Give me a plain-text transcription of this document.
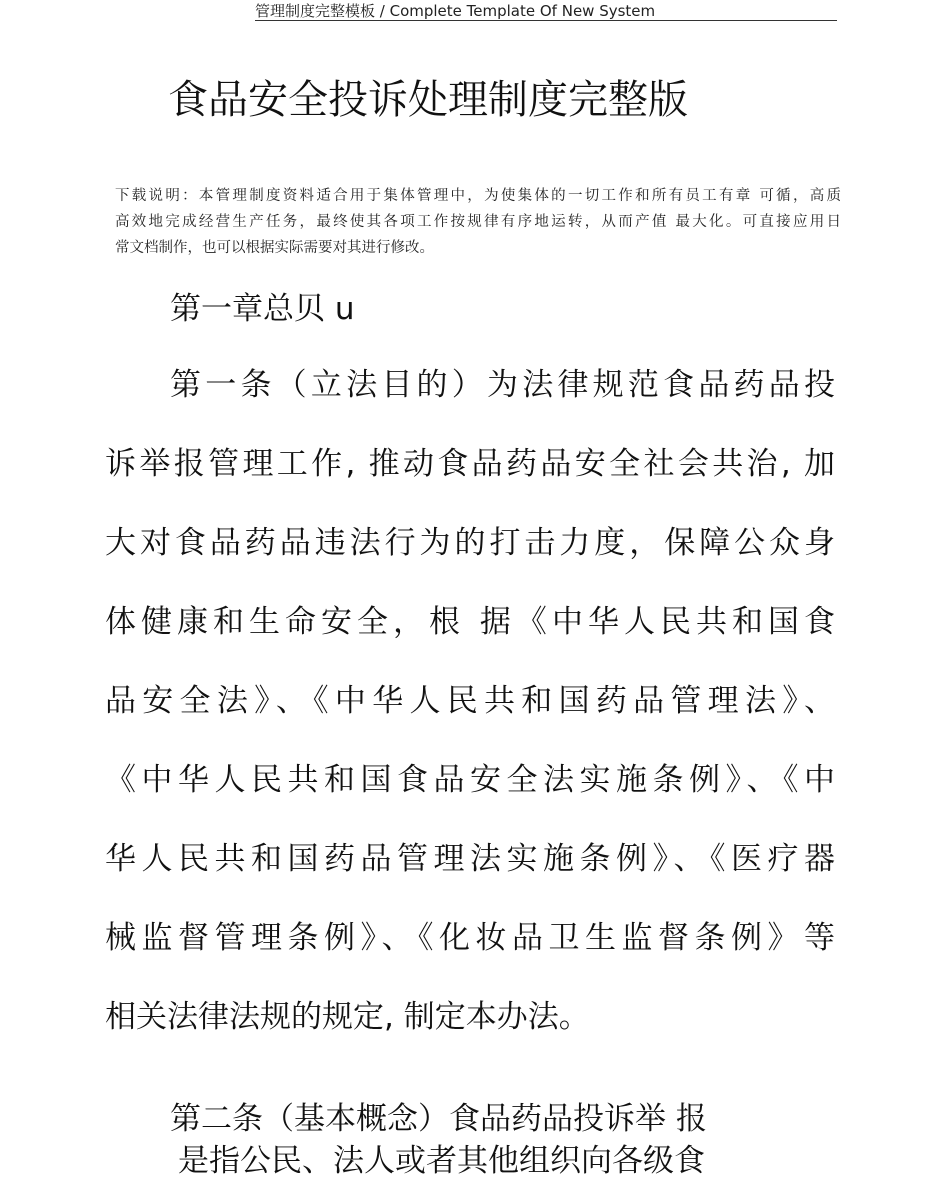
管理制度完整模板 / Complete Template Of New System
食品安全投诉处理制度完整版
下载说明：本管理制度资料适合用于集体管理中，为使集体的一切工作和所有员工有章 可循，高质
高效地完成经营生产任务，最终使其各项工作按规律有序地运转，从而产值 最大化。可直接应用日
常文档制作，也可以根据实际需要对其进行修改。
第一章总贝 u
第一条（立法目的）为法律规范食品药品投
诉举报管理工作, 推动食品药品安全社会共治, 加
大对食品药品违法行为的打击力度，保障公众身
体健康和生命安全，根 据《中华人民共和国食
品安全法》、《中华人民共和国药品管理法》、
《中华人民共和国食品安全法实施条例》、《中
华人民共和国药品管理法实施条例》、《医疗器
械监督管理条例》、《化妆品卫生监督条例》等
相关法律法规的规定, 制定本办法。
第二条（基本概念）食品药品投诉举 报
是指公民、法人或者其他组织向各级食
